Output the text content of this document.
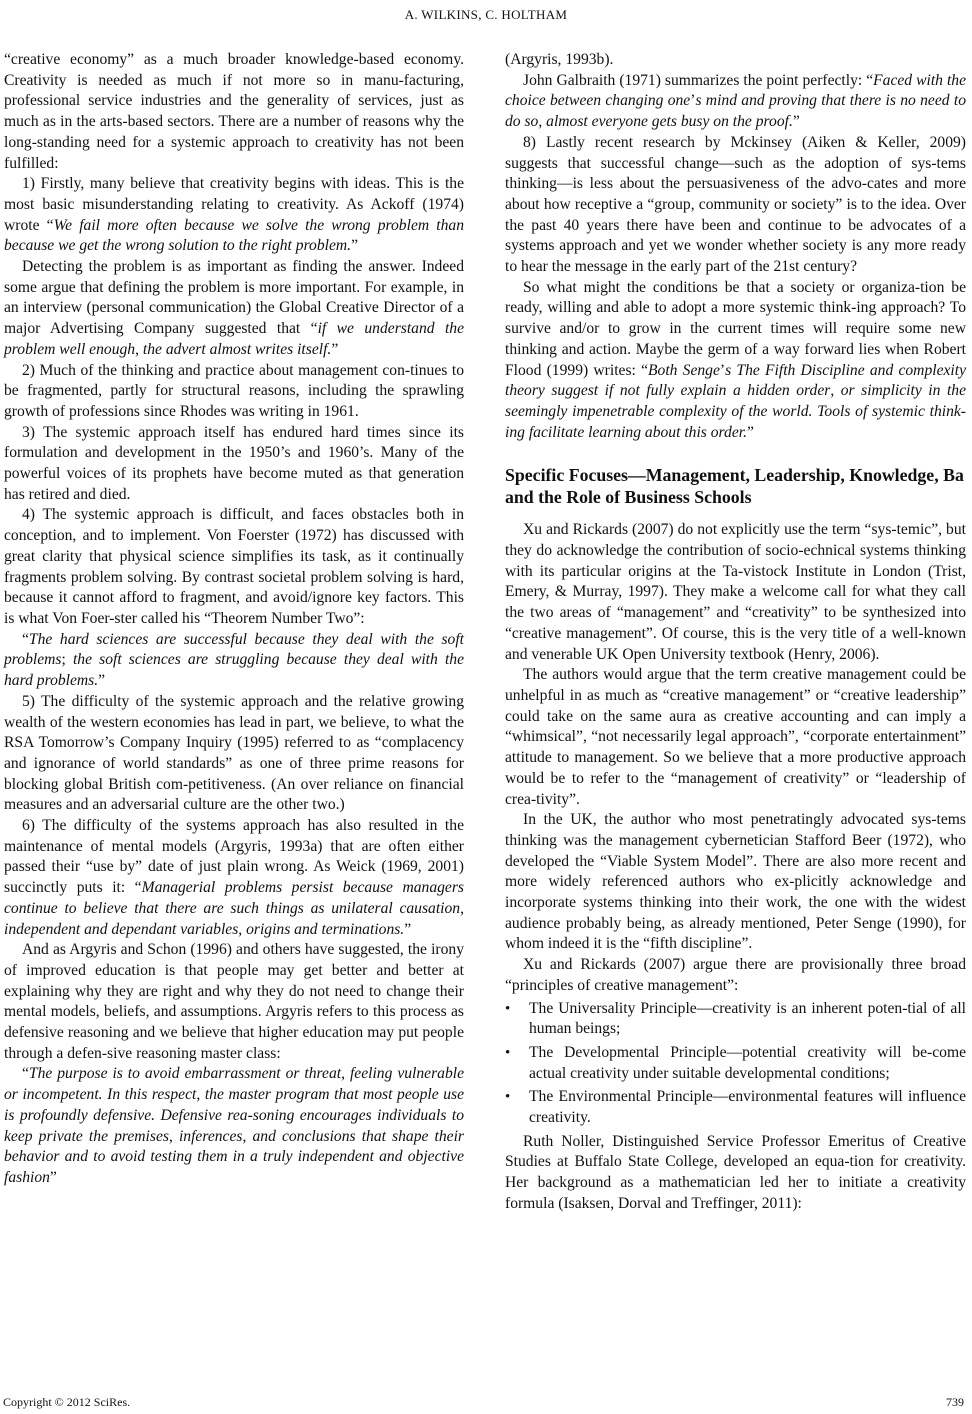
A. WILKINS, C. HOLTHAM

“creative economy” as a much broader knowledge-based economy. Creativity is needed as much if not more so in manu-facturing, professional service industries and the generality of services, just as much as in the arts-based sectors. There are a number of reasons why the long-standing need for a systemic approach to creativity has not been fulfilled:

1) Firstly, many believe that creativity begins with ideas. This is the most basic misunderstanding relating to creativity. As Ackoff (1974) wrote “We fail more often because we solve the wrong problem than because we get the wrong solution to the right problem.”

Detecting the problem is as important as finding the answer. Indeed some argue that defining the problem is more important. For example, in an interview (personal communication) the Global Creative Director of a major Advertising Company suggested that “if we understand the problem well enough, the advert almost writes itself.”

2) Much of the thinking and practice about management con-tinues to be fragmented, partly for structural reasons, including the sprawling growth of professions since Rhodes was writing in 1961.

3) The systemic approach itself has endured hard times since its formulation and development in the 1950’s and 1960’s. Many of the powerful voices of its prophets have become muted as that generation has retired and died.

4) The systemic approach is difficult, and faces obstacles both in conception, and to implement. Von Foerster (1972) has discussed with great clarity that physical science simplifies its task, as it continually fragments problem solving. By contrast societal problem solving is hard, because it cannot afford to fragment, and avoid/ignore key factors. This is what Von Foer-ster called his “Theorem Number Two”:

“The hard sciences are successful because they deal with the soft problems; the soft sciences are struggling because they deal with the hard problems.”

5) The difficulty of the systemic approach and the relative growing wealth of the western economies has lead in part, we believe, to what the RSA Tomorrow’s Company Inquiry (1995) referred to as “complacency and ignorance of world standards” as one of three prime reasons for blocking global British com-petitiveness. (An over reliance on financial measures and an adversarial culture are the other two.)

6) The difficulty of the systems approach has also resulted in the maintenance of mental models (Argyris, 1993a) that are often either passed their “use by” date of just plain wrong. As Weick (1969, 2001) succinctly puts it: “Managerial problems persist because managers continue to believe that there are such things as unilateral causation, independent and dependant variables, origins and terminations.”

And as Argyris and Schon (1996) and others have suggested, the irony of improved education is that people may get better and better at explaining why they are right and why they do not need to change their mental models, beliefs, and assumptions. Argyris refers to this process as defensive reasoning and we believe that higher education may put people through a defen-sive reasoning master class:

“The purpose is to avoid embarrassment or threat, feeling vulnerable or incompetent. In this respect, the master program that most people use is profoundly defensive. Defensive rea-soning encourages individuals to keep private the premises, inferences, and conclusions that shape their behavior and to avoid testing them in a truly independent and objective fashion”

(Argyris, 1993b).

John Galbraith (1971) summarizes the point perfectly: “Faced with the choice between changing one’s mind and proving that there is no need to do so, almost everyone gets busy on the proof.”

8) Lastly recent research by Mckinsey (Aiken & Keller, 2009) suggests that successful change—such as the adoption of sys-tems thinking—is less about the persuasiveness of the advo-cates and more about how receptive a “group, community or society” is to the idea. Over the past 40 years there have been and continue to be advocates of a systems approach and yet we wonder whether society is any more ready to hear the message in the early part of the 21st century?

So what might the conditions be that a society or organiza-tion be ready, willing and able to adopt a more systemic think-ing approach? To survive and/or to grow in the current times will require some new thinking and action. Maybe the germ of a way forward lies when Robert Flood (1999) writes: “Both Senge’s The Fifth Discipline and complexity theory suggest if not fully explain a hidden order, or simplicity in the seemingly impenetrable complexity of the world. Tools of systemic think-ing facilitate learning about this order.”

Specific Focuses—Management, Leadership, Knowledge, Ba and the Role of Business Schools

Xu and Rickards (2007) do not explicitly use the term “sys-temic”, but they do acknowledge the contribution of socio-echnical systems thinking with its particular origins at the Ta-vistock Institute in London (Trist, Emery, & Murray, 1997). They make a welcome call for what they call the two areas of “management” and “creativity” to be synthesized into “creative management”. Of course, this is the very title of a well-known and venerable UK Open University textbook (Henry, 2006).

The authors would argue that the term creative management could be unhelpful in as much as “creative management” or “creative leadership” could take on the same aura as creative accounting and can imply a “whimsical”, “not necessarily legal approach”, “corporate entertainment” attitude to management. So we believe that a more productive approach would be to refer to the “management of creativity” or “leadership of crea-tivity”.

In the UK, the author who most penetratingly advocated sys-tems thinking was the management cybernetician Stafford Beer (1972), who developed the “Viable System Model”. There are also more recent and more widely referenced authors who ex-plicitly acknowledge and incorporate systems thinking into their work, the one with the widest audience probably being, as already mentioned, Peter Senge (1990), for whom indeed it is the “fifth discipline”.

Xu and Rickards (2007) argue there are provisionally three broad “principles of creative management”:

• The Universality Principle—creativity is an inherent poten-tial of all human beings;
• The Developmental Principle—potential creativity will be-come actual creativity under suitable developmental conditions;
• The Environmental Principle—environmental features will influence creativity.

Ruth Noller, Distinguished Service Professor Emeritus of Creative Studies at Buffalo State College, developed an equa-tion for creativity. Her background as a mathematician led her to initiate a creativity formula (Isaksen, Dorval and Treffinger, 2011):

Copyright © 2012 SciRes.	739
